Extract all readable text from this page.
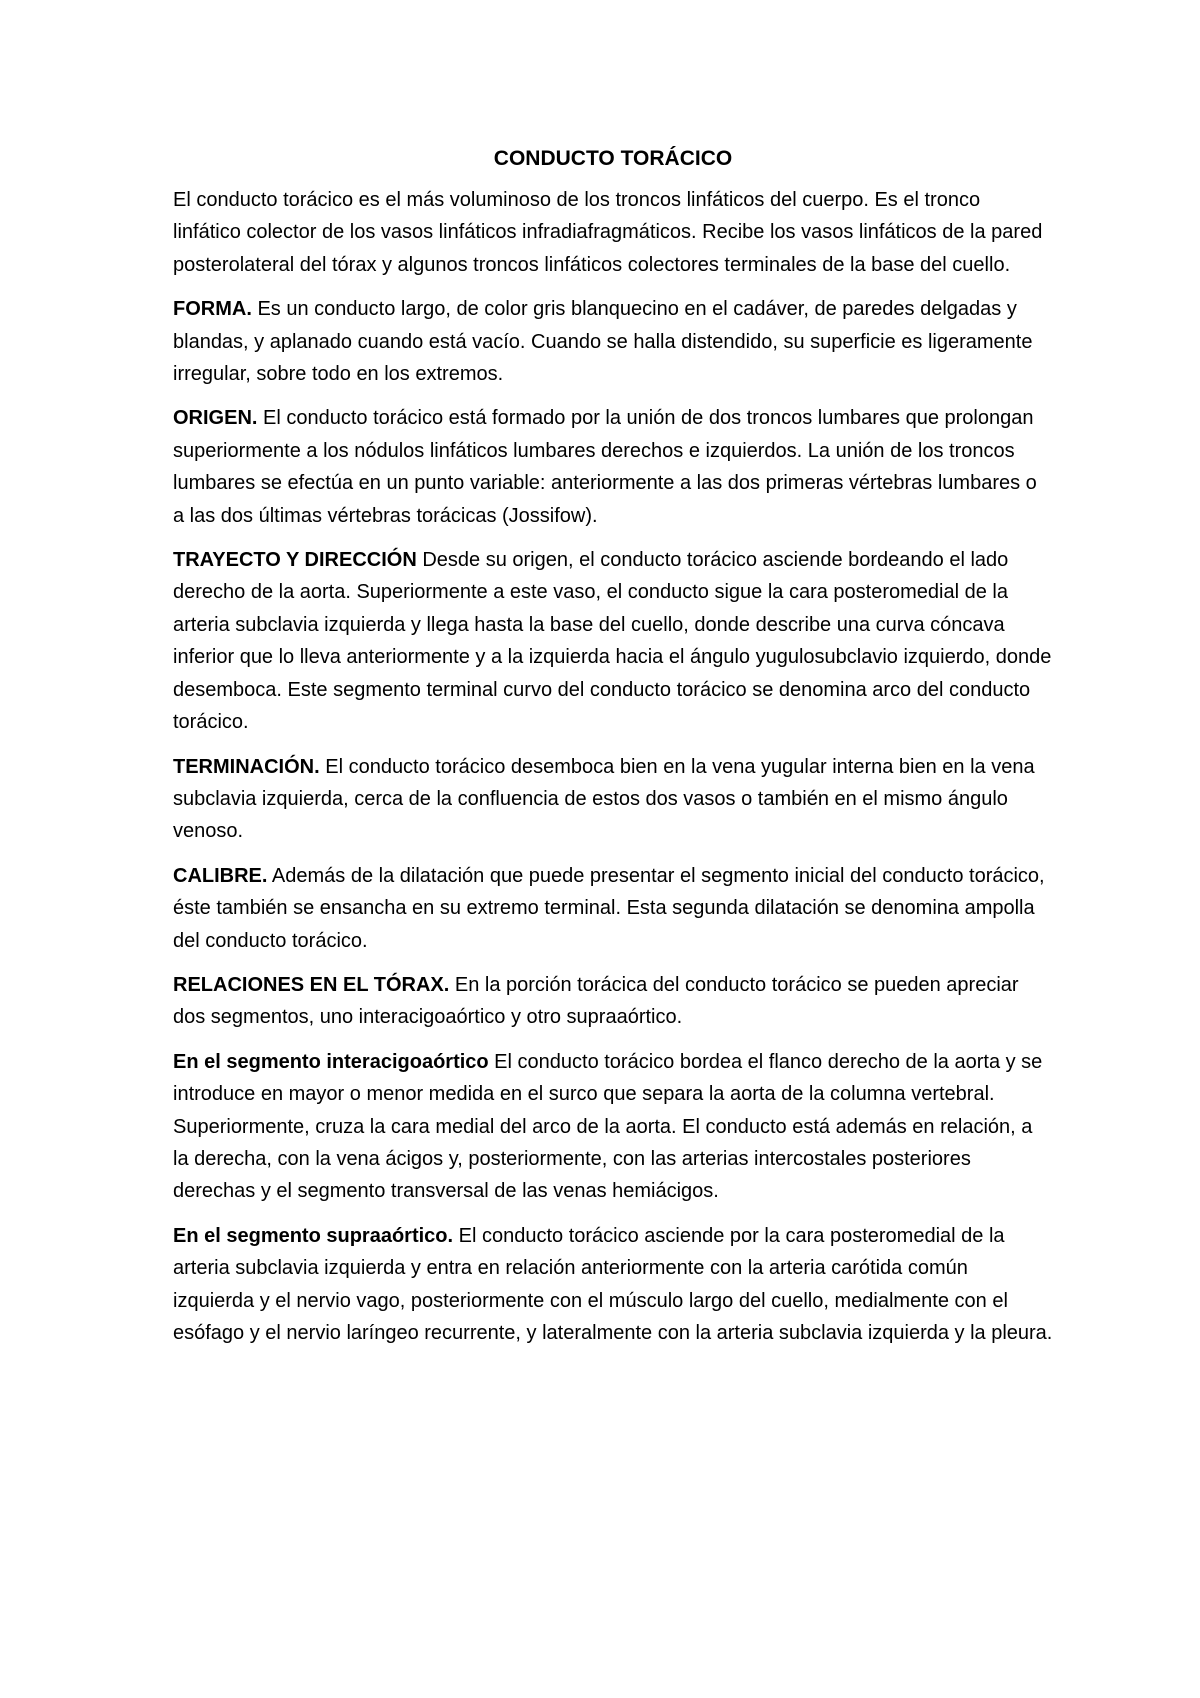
CONDUCTO TORÁCICO

El conducto torácico es el más voluminoso de los troncos linfáticos del cuerpo. Es el tronco linfático colector de los vasos linfáticos infradiafragmáticos. Recibe los vasos linfáticos de la pared posterolateral del tórax y algunos troncos linfáticos colectores terminales de la base del cuello.

FORMA. Es un conducto largo, de color gris blanquecino en el cadáver, de paredes delgadas y blandas, y aplanado cuando está vacío. Cuando se halla distendido, su superficie es ligeramente irregular, sobre todo en los extremos.

ORIGEN. El conducto torácico está formado por la unión de dos troncos lumbares que prolongan superiormente a los nódulos linfáticos lumbares derechos e izquierdos. La unión de los troncos lumbares se efectúa en un punto variable: anteriormente a las dos primeras vértebras lumbares o a las dos últimas vértebras torácicas (Jossifow).

TRAYECTO Y DIRECCIÓN Desde su origen, el conducto torácico asciende bordeando el lado derecho de la aorta. Superiormente a este vaso, el conducto sigue la cara posteromedial de la arteria subclavia izquierda y llega hasta la base del cuello, donde describe una curva cóncava inferior que lo lleva anteriormente y a la izquierda hacia el ángulo yugulosubclavio izquierdo, donde desemboca. Este segmento terminal curvo del conducto torácico se denomina arco del conducto torácico.

TERMINACIÓN. El conducto torácico desemboca bien en la vena yugular interna bien en la vena subclavia izquierda, cerca de la confluencia de estos dos vasos o también en el mismo ángulo venoso.

CALIBRE. Además de la dilatación que puede presentar el segmento inicial del conducto torácico, éste también se ensancha en su extremo terminal. Esta segunda dilatación se denomina ampolla del conducto torácico.

RELACIONES EN EL TÓRAX. En la porción torácica del conducto torácico se pueden apreciar dos segmentos, uno interacigoaórtico y otro supraaórtico.

En el segmento interacigoaórtico El conducto torácico bordea el flanco derecho de la aorta y se introduce en mayor o menor medida en el surco que separa la aorta de la columna vertebral. Superiormente, cruza la cara medial del arco de la aorta. El conducto está además en relación, a la derecha, con la vena ácigos y, posteriormente, con las arterias intercostales posteriores derechas y el segmento transversal de las venas hemiácigos.

En el segmento supraaórtico. El conducto torácico asciende por la cara posteromedial de la arteria subclavia izquierda y entra en relación anteriormente con la arteria carótida común izquierda y el nervio vago, posteriormente con el músculo largo del cuello, medialmente con el esófago y el nervio laríngeo recurrente, y lateralmente con la arteria subclavia izquierda y la pleura.
